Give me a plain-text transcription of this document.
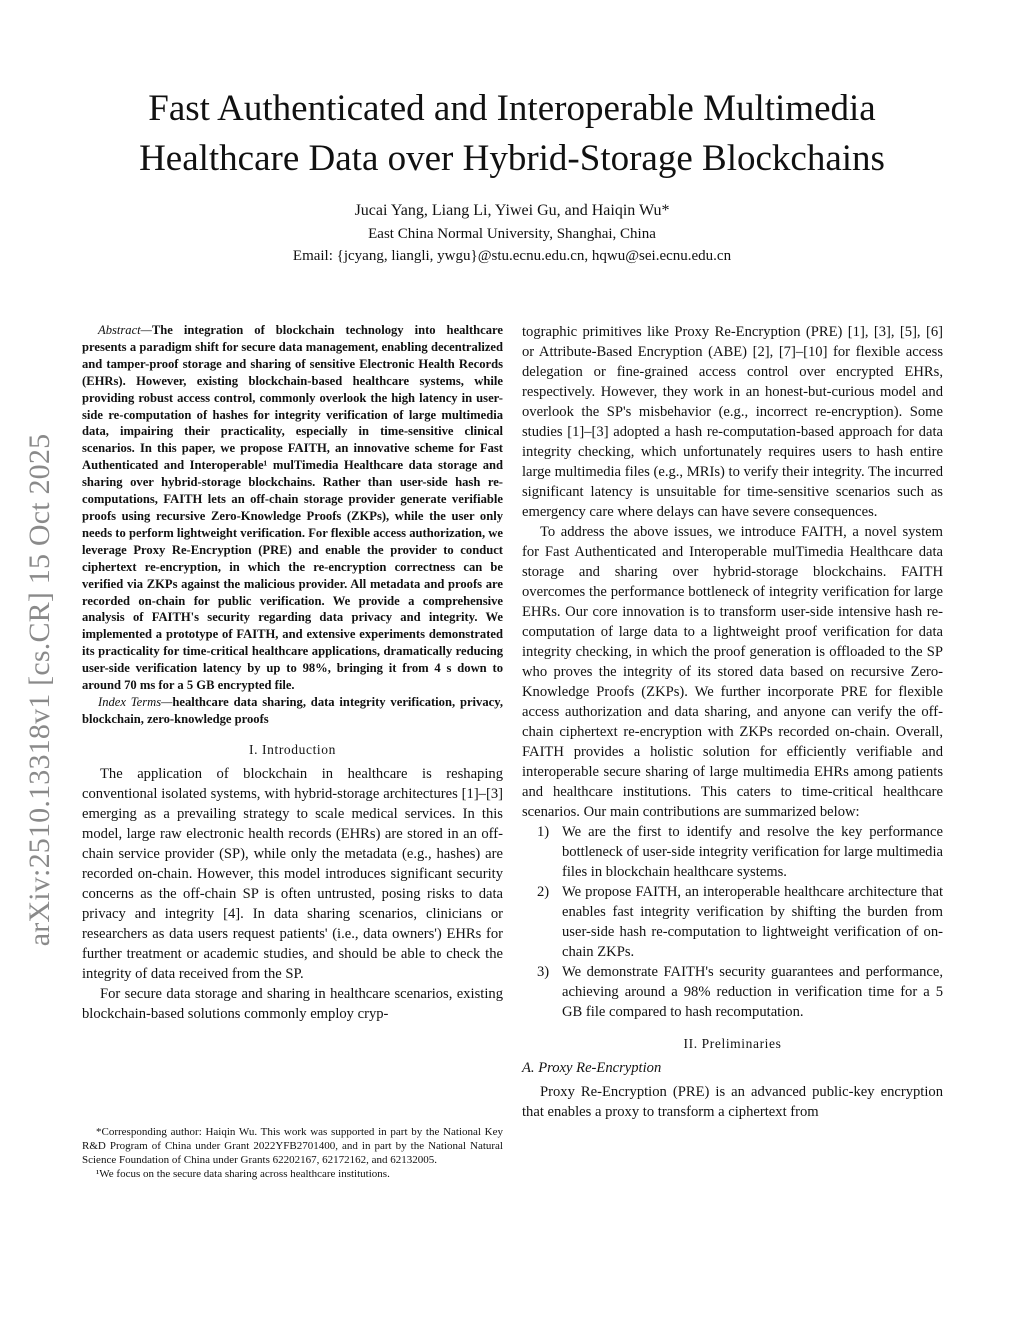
arXiv:2510.13318v1 [cs.CR] 15 Oct 2025
Fast Authenticated and Interoperable Multimedia
Healthcare Data over Hybrid-Storage Blockchains
Jucai Yang, Liang Li, Yiwei Gu, and Haiqin Wu*
East China Normal University, Shanghai, China
Email: {jcyang, liangli, ywgu}@stu.ecnu.edu.cn, hqwu@sei.ecnu.edu.cn

Abstract—The integration of blockchain technology into healthcare presents a paradigm shift for secure data management, enabling decentralized and tamper-proof storage and sharing of sensitive Electronic Health Records (EHRs). However, existing blockchain-based healthcare systems, while providing robust access control, commonly overlook the high latency in user-side re-computation of hashes for integrity verification of large multimedia data, impairing their practicality, especially in time-sensitive clinical scenarios. In this paper, we propose FAITH, an innovative scheme for Fast Authenticated and Interoperable¹ mulTimedia Healthcare data storage and sharing over hybrid-storage blockchains. Rather than user-side hash re-computations, FAITH lets an off-chain storage provider generate verifiable proofs using recursive Zero-Knowledge Proofs (ZKPs), while the user only needs to perform lightweight verification. For flexible access authorization, we leverage Proxy Re-Encryption (PRE) and enable the provider to conduct ciphertext re-encryption, in which the re-encryption correctness can be verified via ZKPs against the malicious provider. All metadata and proofs are recorded on-chain for public verification. We provide a comprehensive analysis of FAITH's security regarding data privacy and integrity. We implemented a prototype of FAITH, and extensive experiments demonstrated its practicality for time-critical healthcare applications, dramatically reducing user-side verification latency by up to 98%, bringing it from 4 s down to around 70 ms for a 5 GB encrypted file.

Index Terms—healthcare data sharing, data integrity verification, privacy, blockchain, zero-knowledge proofs

I. Introduction

The application of blockchain in healthcare is reshaping conventional isolated systems, with hybrid-storage architectures [1]–[3] emerging as a prevailing strategy to scale medical services. In this model, large raw electronic health records (EHRs) are stored in an off-chain service provider (SP), while only the metadata (e.g., hashes) are recorded on-chain. However, this model introduces significant security concerns as the off-chain SP is often untrusted, posing risks to data privacy and integrity [4]. In data sharing scenarios, clinicians or researchers as data users request patients' (i.e., data owners') EHRs for further treatment or academic studies, and should be able to check the integrity of data received from the SP.

For secure data storage and sharing in healthcare scenarios, existing blockchain-based solutions commonly employ cryp-

*Corresponding author: Haiqin Wu. This work was supported in part by the National Key R&D Program of China under Grant 2022YFB2701400, and in part by the National Natural Science Foundation of China under Grants 62202167, 62172162, and 62132005.

¹We focus on the secure data sharing across healthcare institutions.

tographic primitives like Proxy Re-Encryption (PRE) [1], [3], [5], [6] or Attribute-Based Encryption (ABE) [2], [7]–[10] for flexible access delegation or fine-grained access control over encrypted EHRs, respectively. However, they work in an honest-but-curious model and overlook the SP's misbehavior (e.g., incorrect re-encryption). Some studies [1]–[3] adopted a hash re-computation-based approach for data integrity checking, which unfortunately requires users to hash entire large multimedia files (e.g., MRIs) to verify their integrity. The incurred significant latency is unsuitable for time-sensitive scenarios such as emergency care where delays can have severe consequences.

To address the above issues, we introduce FAITH, a novel system for Fast Authenticated and Interoperable mulTimedia Healthcare data storage and sharing over hybrid-storage blockchains. FAITH overcomes the performance bottleneck of integrity verification for large EHRs. Our core innovation is to transform user-side intensive hash re-computation of large data to a lightweight proof verification for data integrity checking, in which the proof generation is offloaded to the SP who proves the integrity of its stored data based on recursive Zero-Knowledge Proofs (ZKPs). We further incorporate PRE for flexible access authorization and data sharing, and anyone can verify the off-chain ciphertext re-encryption with ZKPs recorded on-chain. Overall, FAITH provides a holistic solution for efficiently verifiable and interoperable secure sharing of large multimedia EHRs among patients and healthcare institutions. This caters to time-critical healthcare scenarios. Our main contributions are summarized below:

1) We are the first to identify and resolve the key performance bottleneck of user-side integrity verification for large multimedia files in blockchain healthcare systems.
2) We propose FAITH, an interoperable healthcare architecture that enables fast integrity verification by shifting the burden from user-side hash re-computation to lightweight verification of on-chain ZKPs.
3) We demonstrate FAITH's security guarantees and performance, achieving around a 98% reduction in verification time for a 5 GB file compared to hash recomputation.
II. Preliminaries
A. Proxy Re-Encryption

Proxy Re-Encryption (PRE) is an advanced public-key encryption that enables a proxy to transform a ciphertext from
